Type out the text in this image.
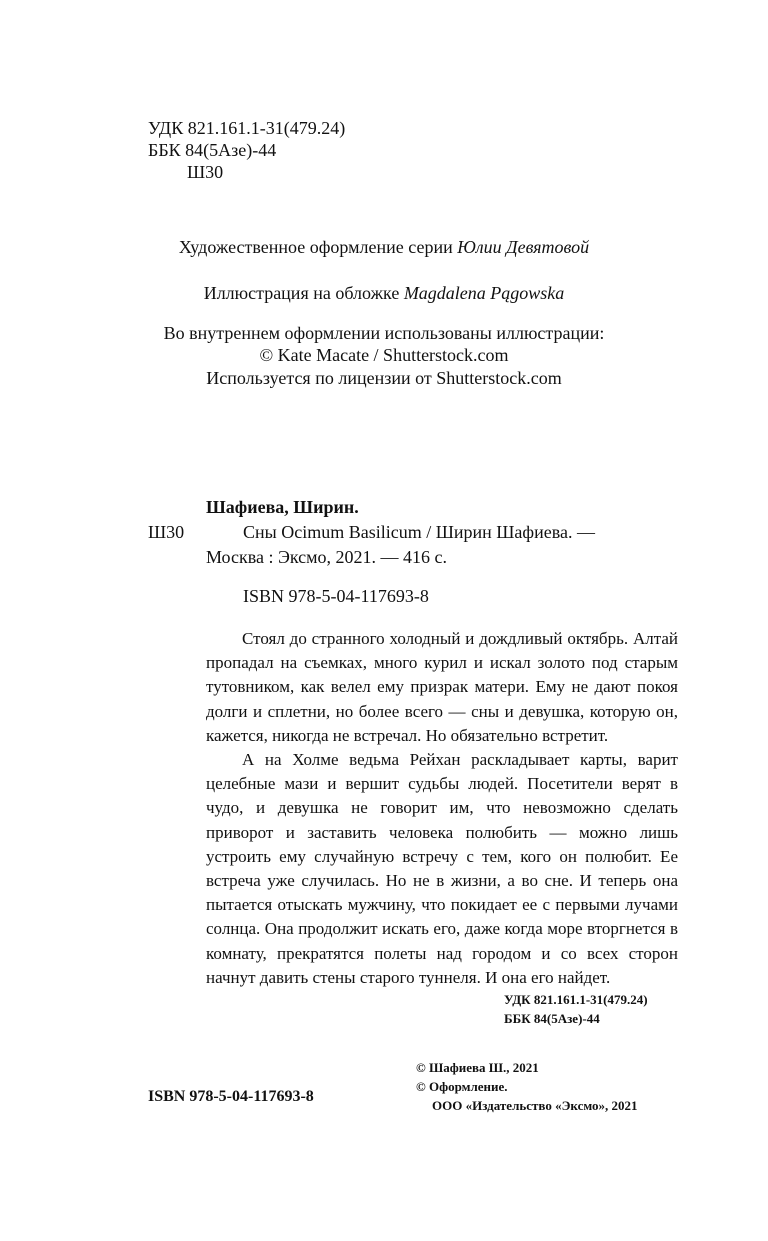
УДК 821.161.1-31(479.24)
ББК 84(5Азе)-44
Ш30
Художественное оформление серии Юлии Девятовой
Иллюстрация на обложке Magdalena Pągowska
Во внутреннем оформлении использованы иллюстрации:
© Kate Macate / Shutterstock.com
Используется по лицензии от Shutterstock.com
Шафиева, Ширин.
Ш30	Сны Ocimum Basilicum / Ширин Шафиева. —
Москва : Эксмо, 2021. — 416 с.
ISBN 978-5-04-117693-8

Стоял до странного холодный и дождливый октябрь. Алтай пропадал на съемках, много курил и искал золото под старым тутовником, как велел ему призрак матери. Ему не дают покоя долги и сплетни, но более всего — сны и девушка, которую он, кажется, никогда не встречал. Но обязательно встретит.

А на Холме ведьма Рейхан раскладывает карты, варит целебные мази и вершит судьбы людей. Посетители верят в чудо, и девушка не говорит им, что невозможно сделать приворот и заставить человека полюбить — можно лишь устроить ему случайную встречу с тем, кого он полюбит. Ее встреча уже случилась. Но не в жизни, а во сне. И теперь она пытается отыскать мужчину, что покидает ее с первыми лучами солнца. Она продолжит искать его, даже когда море вторгнется в комнату, прекратятся полеты над городом и со всех сторон начнут давить стены старого туннеля. И она его найдет.

УДК 821.161.1-31(479.24)
ББК 84(5Азе)-44
© Шафиева Ш., 2021
© Оформление.
ООО «Издательство «Эксмо», 2021
ISBN 978-5-04-117693-8
